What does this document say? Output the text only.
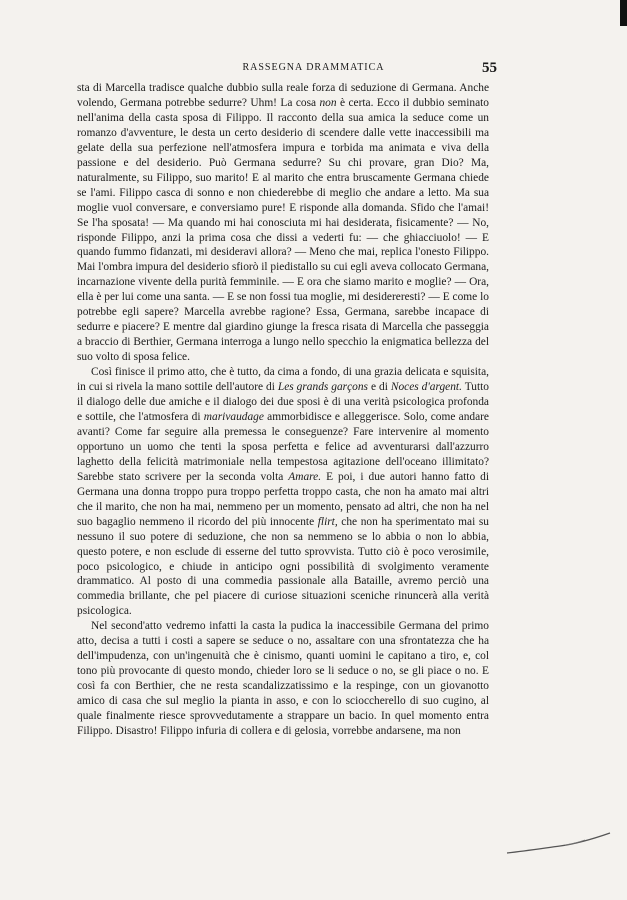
RASSEGNA DRAMMATICA	55

sta di Marcella tradisce qualche dubbio sulla reale forza di seduzione di Germana. Anche volendo, Germana potrebbe sedurre? Uhm! La cosa non è certa. Ecco il dubbio seminato nell'anima della casta sposa di Filippo. Il racconto della sua amica la seduce come un romanzo d'avventure, le desta un certo desiderio di scendere dalle vette inaccessibili ma gelate della sua perfezione nell'atmosfera impura e torbida ma animata e viva della passione e del desiderio. Può Germana sedurre? Su chi provare, gran Dio? Ma, naturalmente, su Filippo, suo marito! E al marito che entra bruscamente Germana chiede se l'ami. Filippo casca di sonno e non chiederebbe di meglio che andare a letto. Ma sua moglie vuol conversare, e conversiamo pure! E risponde alla domanda. Sfido che l'amai! Se l'ha sposata! — Ma quando mi hai conosciuta mi hai desiderata, fisicamente? — No, risponde Filippo, anzi la prima cosa che dissi a vederti fu: — che ghiacciuolo! — E quando fummo fidanzati, mi desideravi allora? — Meno che mai, replica l'onesto Filippo. Mai l'ombra impura del desiderio sfiorò il piedistallo su cui egli aveva collocato Germana, incarnazione vivente della purità femminile. — E ora che siamo marito e moglie? — Ora, ella è per lui come una santa. — E se non fossi tua moglie, mi desidereresti? — E come lo potrebbe egli sapere? Marcella avrebbe ragione? Essa, Germana, sarebbe incapace di sedurre e piacere? E mentre dal giardino giunge la fresca risata di Marcella che passeggia a braccio di Berthier, Germana interroga a lungo nello specchio la enigmatica bellezza del suo volto di sposa felice.

Così finisce il primo atto, che è tutto, da cima a fondo, di una grazia delicata e squisita, in cui si rivela la mano sottile dell'autore di Les grands garçons e di Noces d'argent. Tutto il dialogo delle due amiche e il dialogo dei due sposi è di una verità psicologica profonda e sottile, che l'atmosfera di marivaudage ammorbidisce e alleggerisce. Solo, come andare avanti? Come far seguire alla premessa le conseguenze? Fare intervenire al momento opportuno un uomo che tenti la sposa perfetta e felice ad avventurarsi dall'azzurro laghetto della felicità matrimoniale nella tempestosa agitazione dell'oceano illimitato? Sarebbe stato scrivere per la seconda volta Amare. E poi, i due autori hanno fatto di Germana una donna troppo pura troppo perfetta troppo casta, che non ha amato mai altri che il marito, che non ha mai, nemmeno per un momento, pensato ad altri, che non ha nel suo bagaglio nemmeno il ricordo del più innocente flirt, che non ha sperimentato mai su nessuno il suo potere di seduzione, che non sa nemmeno se lo abbia o non lo abbia, questo potere, e non esclude di esserne del tutto sprovvista. Tutto ciò è poco verosimile, poco psicologico, e chiude in anticipo ogni possibilità di svolgimento veramente drammatico. Al posto di una commedia passionale alla Bataille, avremo perciò una commedia brillante, che pel piacere di curiose situazioni sceniche rinuncerà alla verità psicologica.

Nel second'atto vedremo infatti la casta la pudica la inaccessibile Germana del primo atto, decisa a tutti i costi a sapere se seduce o no, assaltare con una sfrontatezza che ha dell'impudenza, con un'ingenuità che è cinismo, quanti uomini le capitano a tiro, e, col tono più provocante di questo mondo, chieder loro se li seduce o no, se gli piace o no. E così fa con Berthier, che ne resta scandalizzatissimo e la respinge, con un giovanotto amico di casa che sul meglio la pianta in asso, e con lo scioccherello di suo cugino, al quale finalmente riesce sprovvedutamente a strappare un bacio. In quel momento entra Filippo. Disastro! Filippo infuria di collera e di gelosia, vorrebbe andarsene, ma non
